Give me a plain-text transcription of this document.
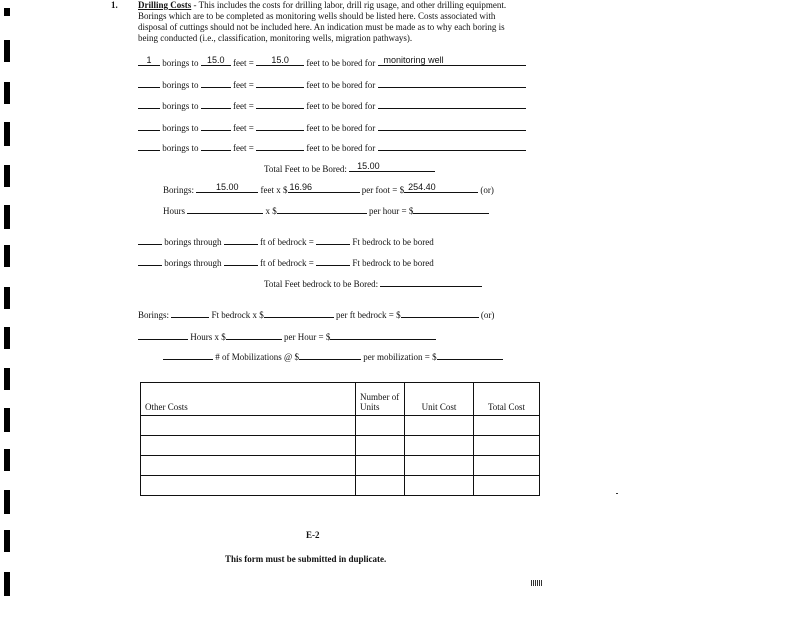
1. Drilling Costs - This includes the costs for drilling labor, drill rig usage, and other drilling equipment.
Borings which are to be completed as monitoring wells should be listed here. Costs associated with
disposal of cuttings should not be included here. An indication must be made as to why each boring is
being conducted (i.e., classification, monitoring wells, migration pathways).
1	borings to 15.0 feet =	15.0	feet to be bored for monitoring well
borings to	feet =	feet to be bored for
borings to	feet =	feet to be bored for
borings to	feet =	feet to be bored for
borings to	feet =	feet to be bored for
Total Feet to be Bored:	15.00
Borings:	15.00	feet x $ 16.96	per foot = $ 254.40	(or)
Hours	x $	per hour = $
borings through	ft of bedrock =	Ft bedrock to be bored
borings through	ft of bedrock =	Ft bedrock to be bored
Total Feet bedrock to be Bored:
Borings:	Ft bedrock x $	per ft bedrock = $	(or)
Hours x $	per Hour = $
# of Mobilizations @ $	per mobilization = $
Other Costs	Number of Units	Unit Cost	Total Cost

E-2
This form must be submitted in duplicate.
